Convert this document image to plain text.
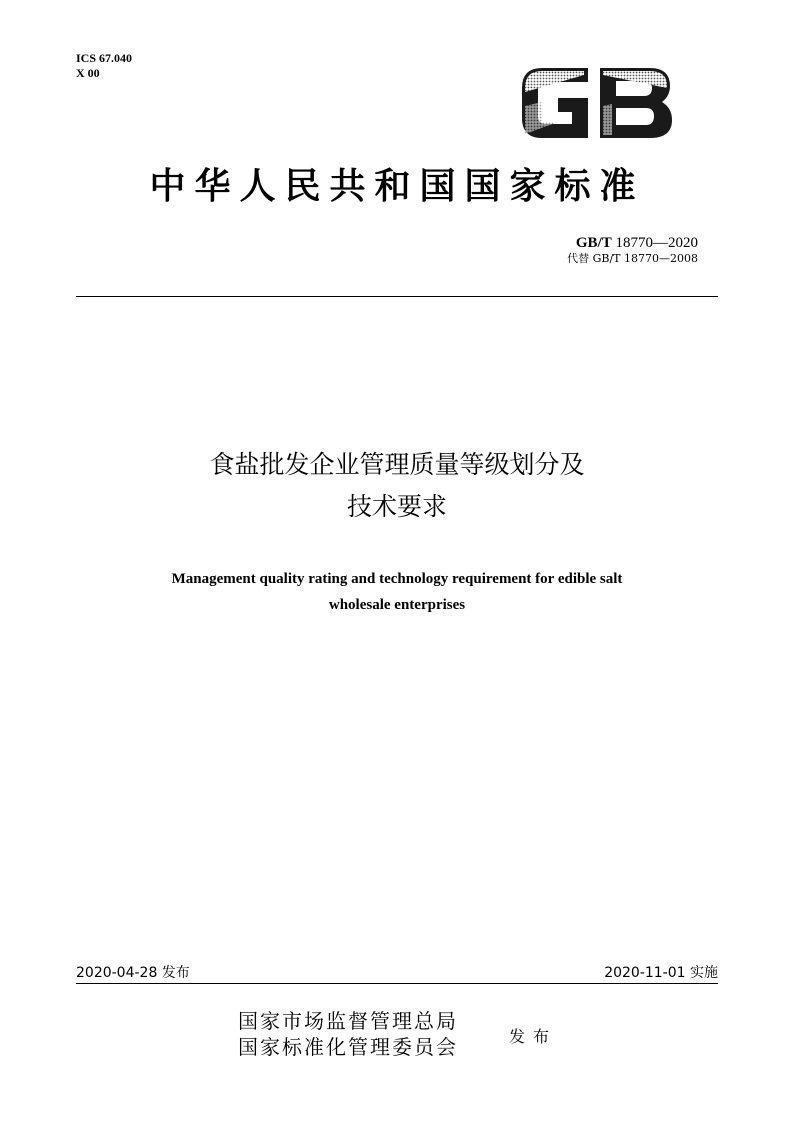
ICS 67.040
X 00
中华人民共和国国家标准
GB/T 18770—2020
代替 GB/T 18770—2008
食盐批发企业管理质量等级划分及
技术要求
Management quality rating and technology requirement for edible salt
wholesale enterprises
2020-04-28 发布	2020-11-01 实施
国家市场监督管理总局
国家标准化管理委员会	发布
